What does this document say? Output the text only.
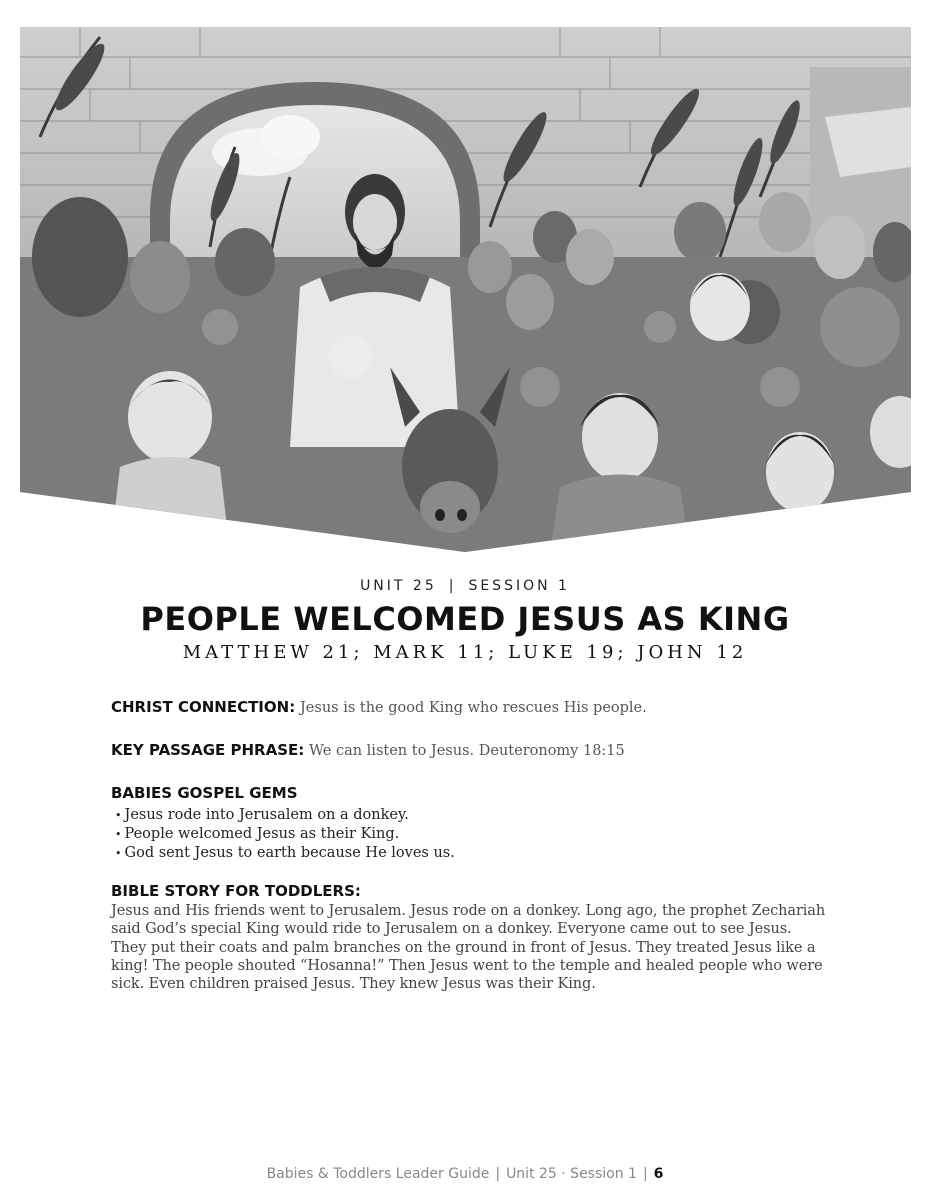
UNIT 25 | SESSION 1
PEOPLE WELCOMED JESUS AS KING
MATTHEW 21; MARK 11; LUKE 19; JOHN 12
CHRIST CONNECTION: Jesus is the good King who rescues His people.
KEY PASSAGE PHRASE: We can listen to Jesus. Deuteronomy 18:15
BABIES GOSPEL GEMS
• Jesus rode into Jerusalem on a donkey.
• People welcomed Jesus as their King.
• God sent Jesus to earth because He loves us.
BIBLE STORY FOR TODDLERS:
Jesus and His friends went to Jerusalem. Jesus rode on a donkey. Long ago, the prophet Zechariah said God’s special King would ride to Jerusalem on a donkey. Everyone came out to see Jesus. They put their coats and palm branches on the ground in front of Jesus. They treated Jesus like a king! The people shouted “Hosanna!” Then Jesus went to the temple and healed people who were sick. Even children praised Jesus. They knew Jesus was their King.
Babies & Toddlers Leader Guide | Unit 25 · Session 1 | 6
